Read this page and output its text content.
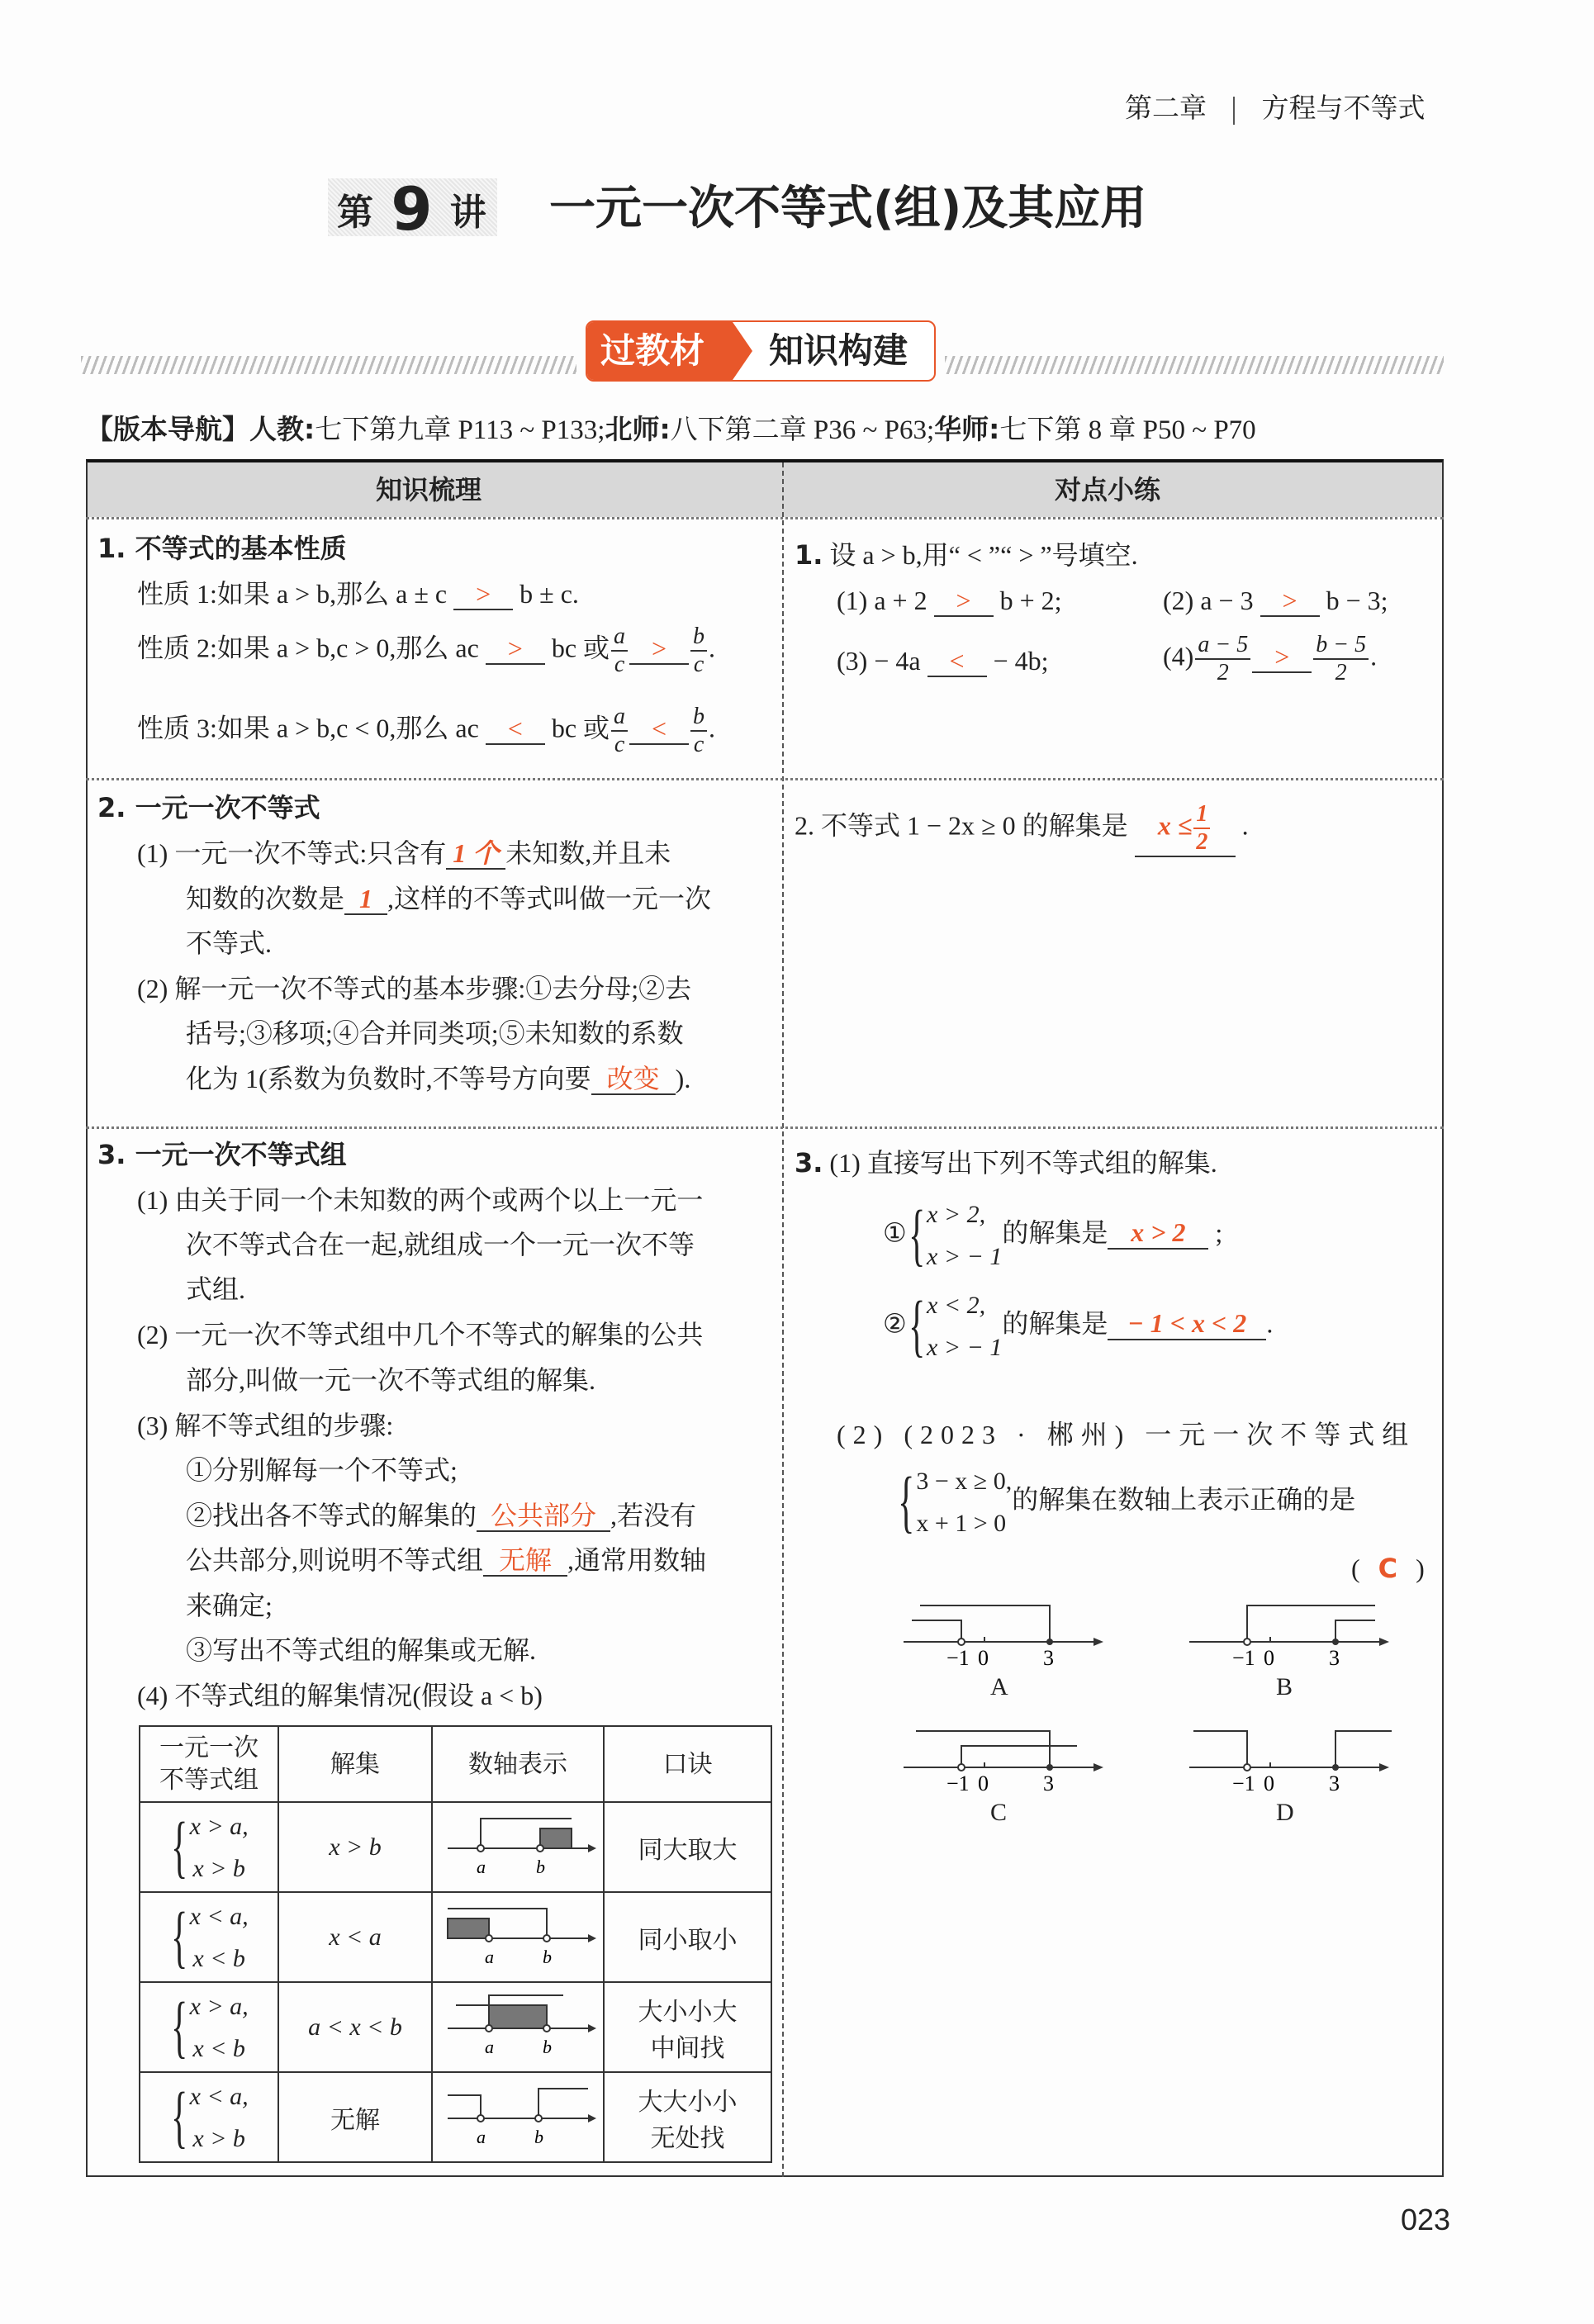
第二章 方程与不等式
第 9 讲 一元一次不等式(组)及其应用
过教材 知识构建
【版本导航】人教:七下第九章 P113 ~ P133;北师:八下第二章 P36 ~ P63;华师:七下第 8 章 P50 ~ P70
知识梳理	对点小练
1. 不等式的基本性质
性质 1:如果 a > b,那么 a ± c > b ± c.
性质 2:如果 a > b,c > 0,那么 ac > bc 或 $\frac{a}{c} > \frac{b}{c}$ .
性质 3:如果 a > b,c < 0,那么 ac < bc 或 $\frac{a}{c} < \frac{b}{c}$ .
1. 设 a > b,用“ < ”“ > ”号填空.
(1) a + 2 > b + 2;	(2) a − 3 > b − 3;
(3) − 4a < − 4b;	$(4) \frac{a - 5}{2} > \frac{b - 5}{2}$ .
2. 一元一次不等式
(1) 一元一次不等式:只含有 1 个 未知数,并且未
知数的次数是 1 ,这样的不等式叫做一元一次
不等式.
(2) 解一元一次不等式的基本步骤:①去分母;②去
括号;③移项;④合并同类项;⑤未知数的系数
化为 1(系数为负数时,不等号方向要 改变 ).
2. 不等式 1 − 2x ≥ 0 的解集是 $x \le \frac{1}{2}$ .
3. 一元一次不等式组
(1) 由关于同一个未知数的两个或两个以上一元一
次不等式合在一起,就组成一个一元一次不等
式组.
(2) 一元一次不等式组中几个不等式的解集的公共
部分,叫做一元一次不等式组的解集.
(3) 解不等式组的步骤:
①分别解每一个不等式;
②找出各不等式的解集的 公共部分 ,若没有
公共部分,则说明不等式组 无解 ,通常用数轴
来确定;
③写出不等式组的解集或无解.
(4) 不等式组的解集情况(假设 a < b)
一元一次
不等式组	解集	数轴表示	口诀

{ x > a,
x > b	x > b	a b	同大取大

{ x < a,
x < b	x < a	a b	同小取小

{ x > a,
x < b	a < x < b	a b	大小小大
中间找

{ x < a,
x > b	无解	a b	大大小小
无处找
3. (1) 直接写出下列不等式组的解集.
① { x > 2,
x > − 1
的解集是 x > 2 ;
② { x < 2,
x > − 1
的解集是 − 1 < x < 2 .
(2) (2023 · 郴州) 一元一次不等式组
{ 3 − x ≥ 0,
x + 1 > 0
的解集在数轴上表示正确的是
( C )
−1 0	3
A
−1 0	3
B
−1 0	3
C
−1 0	3
D
023
